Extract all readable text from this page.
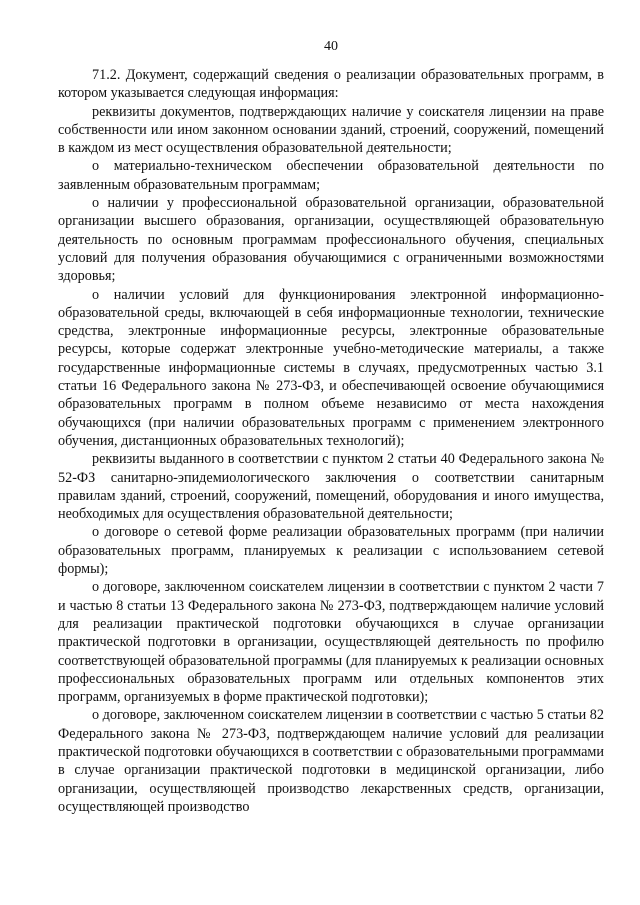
40

71.2. Документ, содержащий сведения о реализации образовательных программ, в котором указывается следующая информация:

реквизиты документов, подтверждающих наличие у соискателя лицензии на праве собственности или ином законном основании зданий, строений, сооружений, помещений в каждом из мест осуществления образовательной деятельности;

о материально-техническом обеспечении образовательной деятельности по заявленным образовательным программам;

о наличии у профессиональной образовательной организации, образовательной организации высшего образования, организации, осуществляющей образовательную деятельность по основным программам профессионального обучения, специальных условий для получения образования обучающимися с ограниченными возможностями здоровья;

о наличии условий для функционирования электронной информационно-образовательной среды, включающей в себя информационные технологии, технические средства, электронные информационные ресурсы, электронные образовательные ресурсы, которые содержат электронные учебно-методические материалы, а также государственные информационные системы в случаях, предусмотренных частью 3.1 статьи 16 Федерального закона № 273-ФЗ, и обеспечивающей освоение обучающимися образовательных программ в полном объеме независимо от места нахождения обучающихся (при наличии образовательных программ с применением электронного обучения, дистанционных образовательных технологий);

реквизиты выданного в соответствии с пунктом 2 статьи 40 Федерального закона № 52-ФЗ санитарно-эпидемиологического заключения о соответствии санитарным правилам зданий, строений, сооружений, помещений, оборудования и иного имущества, необходимых для осуществления образовательной деятельности;

о договоре о сетевой форме реализации образовательных программ (при наличии образовательных программ, планируемых к реализации с использованием сетевой формы);

о договоре, заключенном соискателем лицензии в соответствии с пунктом 2 части 7 и частью 8 статьи 13 Федерального закона № 273-ФЗ, подтверждающем наличие условий для реализации практической подготовки обучающихся в случае организации практической подготовки в организации, осуществляющей деятельность по профилю соответствующей образовательной программы (для планируемых к реализации основных профессиональных образовательных программ или отдельных компонентов этих программ, организуемых в форме практической подготовки);

о договоре, заключенном соискателем лицензии в соответствии с частью 5 статьи 82 Федерального закона № 273-ФЗ, подтверждающем наличие условий для реализации практической подготовки обучающихся в соответствии с образовательными программами в случае организации практической подготовки в медицинской организации, либо организации, осуществляющей производство лекарственных средств, организации, осуществляющей производство
